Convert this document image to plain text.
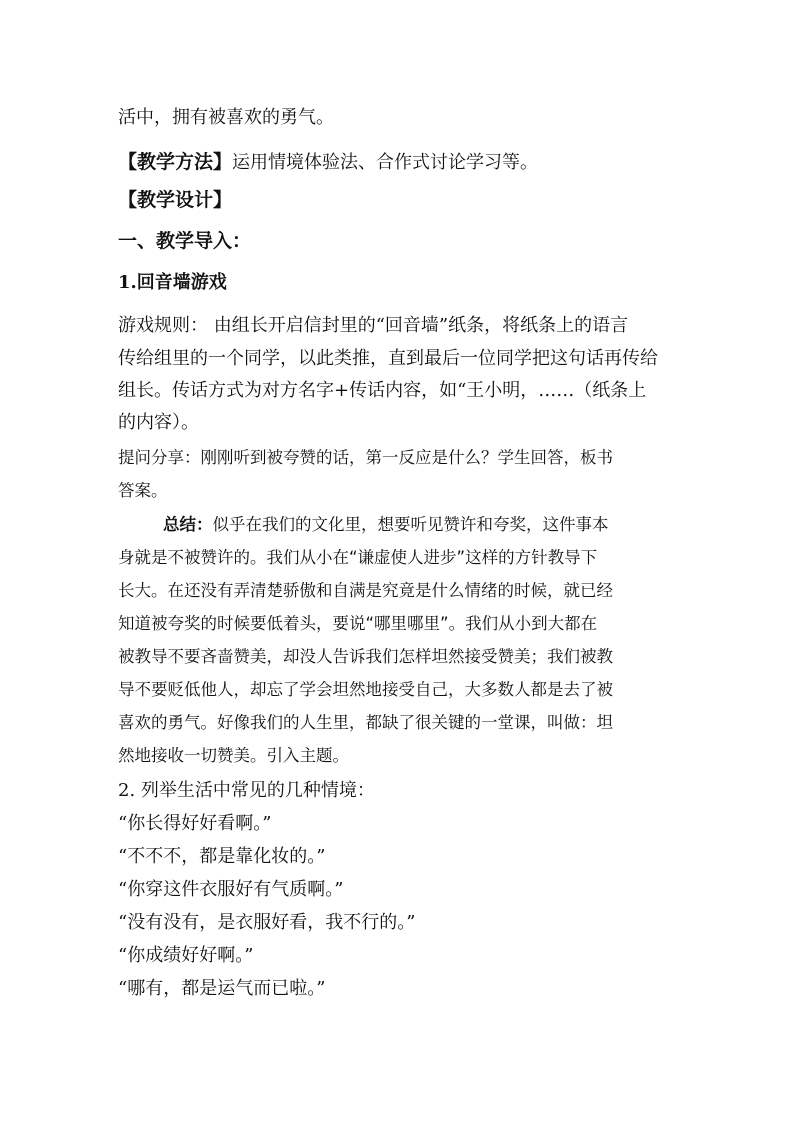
活中，拥有被喜欢的勇气。
【教学方法】运用情境体验法、合作式讨论学习等。
【教学设计】
一、教学导入：
1.回音墙游戏
游戏规则： 由组长开启信封里的“回音墙”纸条，将纸条上的语言
传给组里的一个同学，以此类推，直到最后一位同学把这句话再传给
组长。传话方式为对方名字+传话内容，如“王小明，……（纸条上
的内容）。
提问分享：刚刚听到被夸赞的话，第一反应是什么？学生回答，板书
答案。
总结：似乎在我们的文化里，想要听见赞许和夸奖，这件事本
身就是不被赞许的。我们从小在“谦虚使人进步”这样的方针教导下
长大。在还没有弄清楚骄傲和自满是究竟是什么情绪的时候，就已经
知道被夸奖的时候要低着头，要说“哪里哪里”。我们从小到大都在
被教导不要吝啬赞美，却没人告诉我们怎样坦然接受赞美；我们被教
导不要贬低他人，却忘了学会坦然地接受自己，大多数人都是去了被
喜欢的勇气。好像我们的人生里，都缺了很关键的一堂课，叫做：坦
然地接收一切赞美。引入主题。
2. 列举生活中常见的几种情境：
“你长得好好看啊。”
“不不不，都是靠化妆的。”
“你穿这件衣服好有气质啊。”
“没有没有，是衣服好看，我不行的。”
“你成绩好好啊。”
“哪有，都是运气而已啦。”
